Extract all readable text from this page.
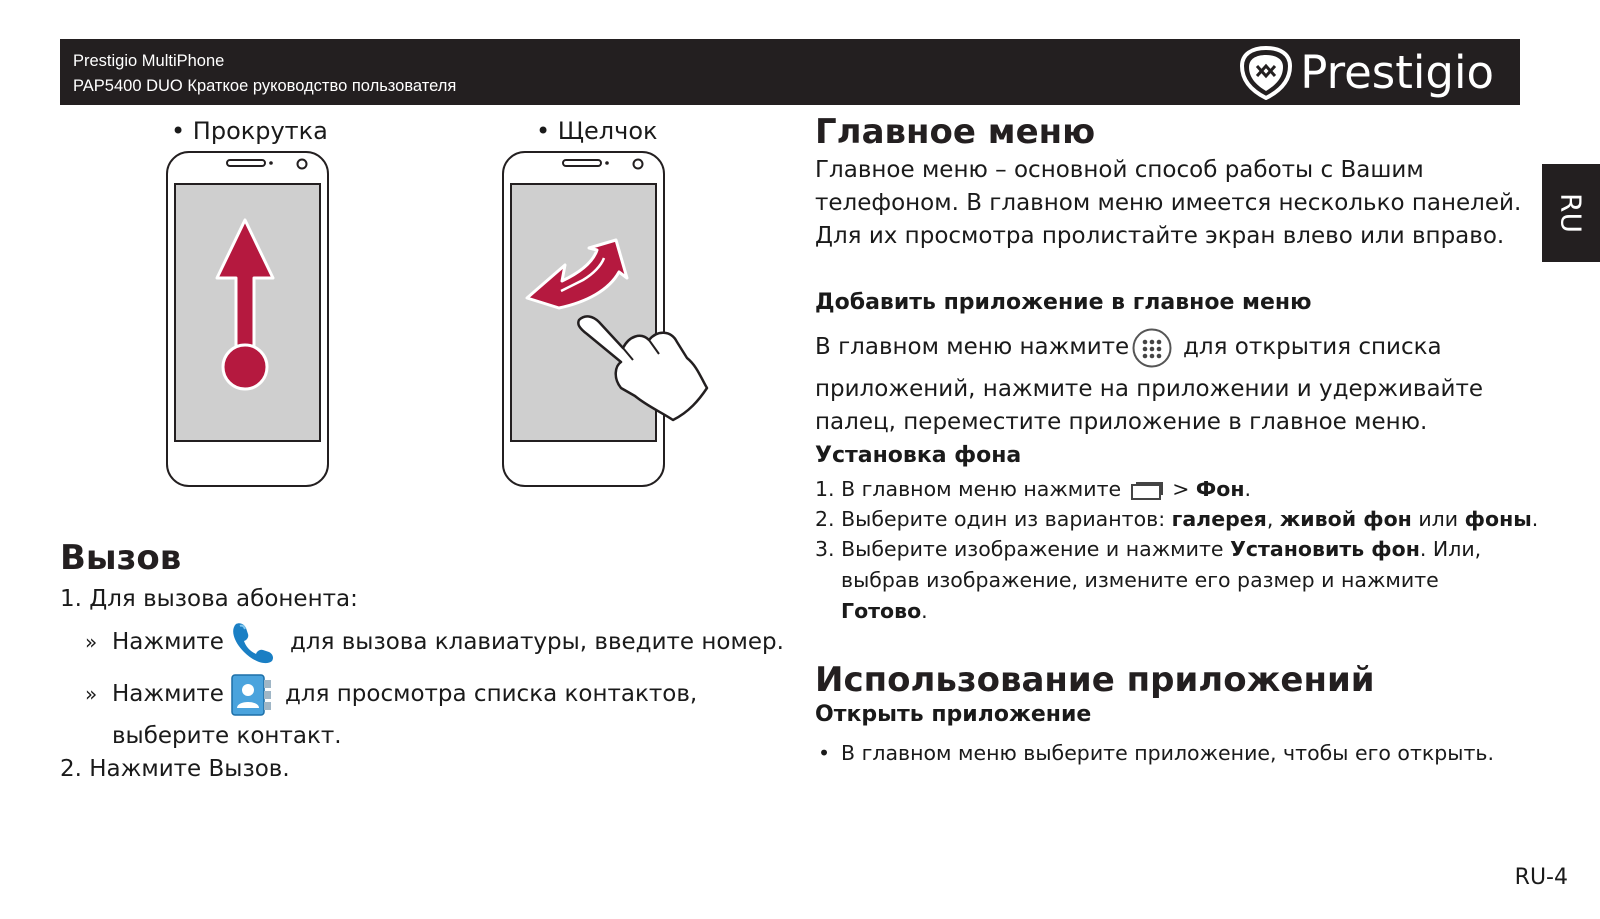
Prestigio MultiPhone
PAP5400 DUO Краткое руководство пользователя	Prestigio
RU
• Прокрутка	• Щелчок
Вызов
1. Для вызова абонента:
» Нажмите	для вызова клавиатуры, введите номер.
» Нажмите	для просмотра списка контактов,
выберите контакт.
2. Нажмите Вызов.
Главное меню
Главное меню – основной способ работы с Вашим
телефоном. В главном меню имеется несколько панелей.
Для их просмотра пролистайте экран влево или вправо.
Добавить приложение в главное меню
В главном меню нажмите для открытия списка
приложений, нажмите на приложении и удерживайте
палец, переместите приложение в главное меню.
Установка фона
1. В главном меню нажмите > Фон.
2. Выберите один из вариантов: галерея, живой фон или фоны.
3. Выберите изображение и нажмите Установить фон. Или,
выбрав изображение, измените его размер и нажмите
Готово.
Использование приложений
Открыть приложение
• В главном меню выберите приложение, чтобы его открыть.
RU-4
